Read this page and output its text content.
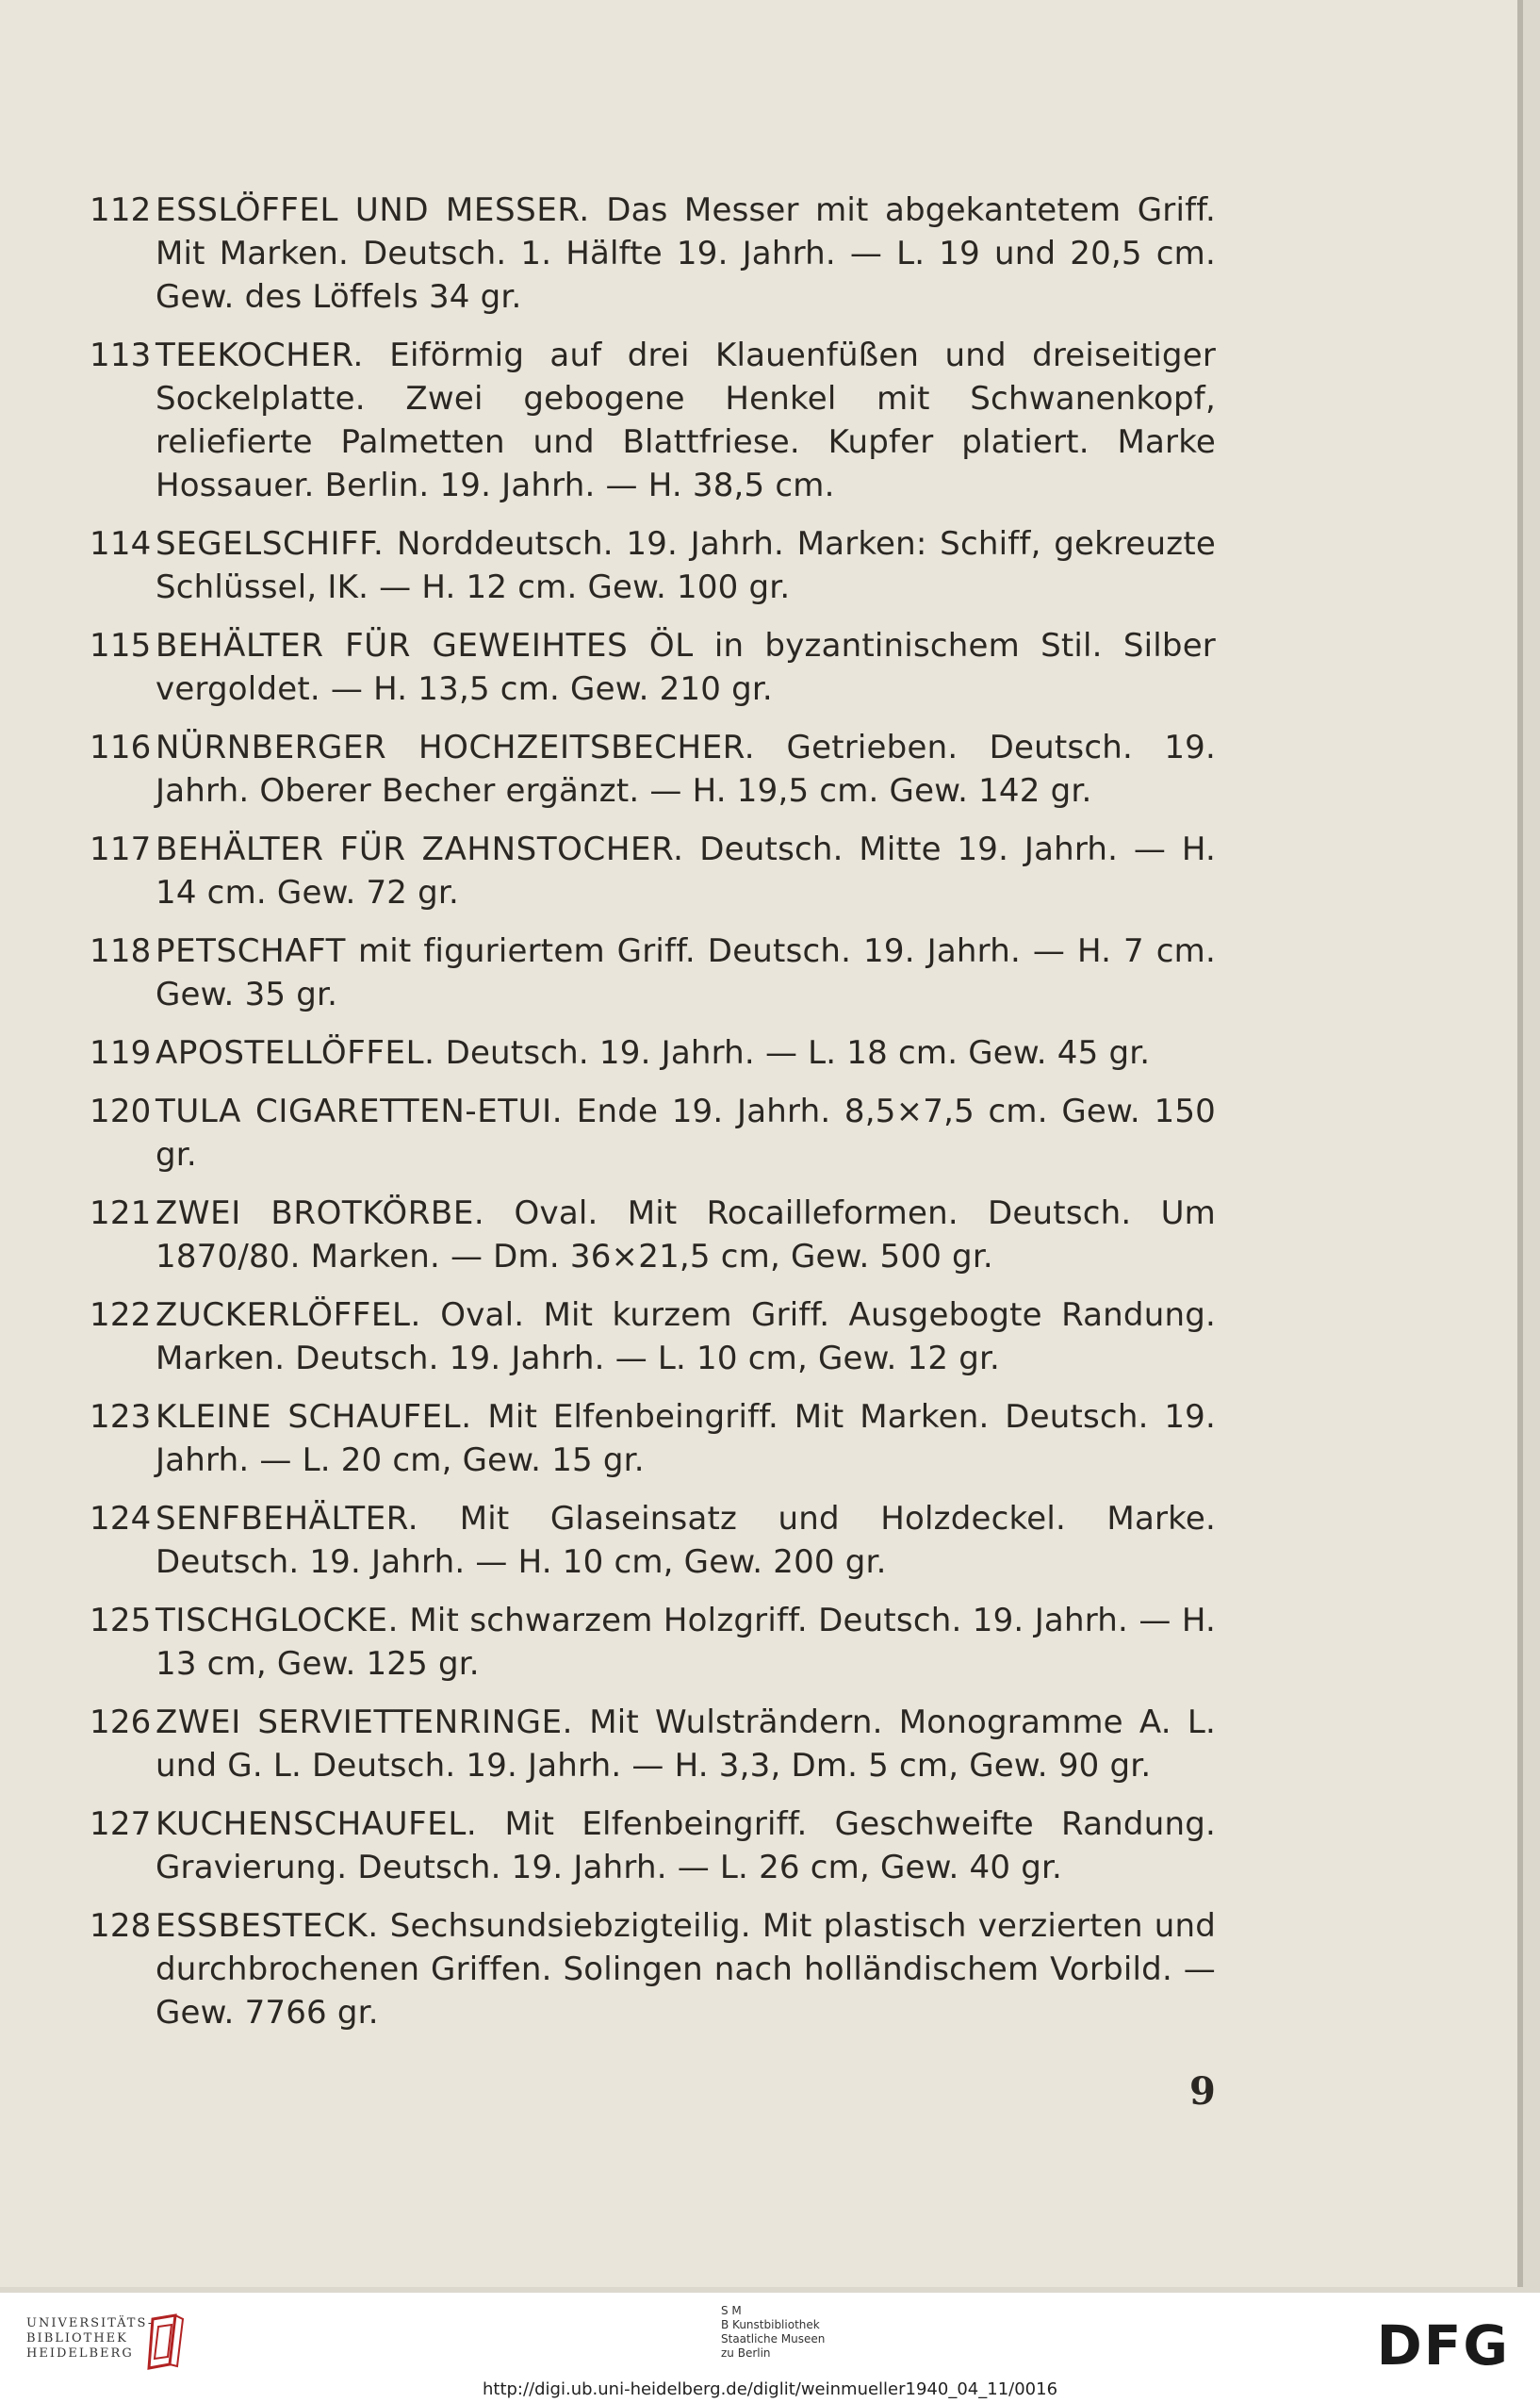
112 ESSLÖFFEL UND MESSER. Das Messer mit abgekantetem Griff. Mit Marken. Deutsch. 1. Hälfte 19. Jahrh. — L. 19 und 20,5 cm. Gew. des Löffels 34 gr.
113 TEEKOCHER. Eiförmig auf drei Klauenfüßen und dreiseitiger Sockelplatte. Zwei gebogene Henkel mit Schwanenkopf, reliefierte Palmetten und Blattfriese. Kupfer platiert. Marke Hossauer. Berlin. 19. Jahrh. — H. 38,5 cm.
114 SEGELSCHIFF. Norddeutsch. 19. Jahrh. Marken: Schiff, gekreuzte Schlüssel, IK. — H. 12 cm. Gew. 100 gr.
115 BEHÄLTER FÜR GEWEIHTES ÖL in byzantinischem Stil. Silber vergoldet. — H. 13,5 cm. Gew. 210 gr.
116 NÜRNBERGER HOCHZEITSBECHER. Getrieben. Deutsch. 19. Jahrh. Oberer Becher ergänzt. — H. 19,5 cm. Gew. 142 gr.
117 BEHÄLTER FÜR ZAHNSTOCHER. Deutsch. Mitte 19. Jahrh. — H. 14 cm. Gew. 72 gr.
118 PETSCHAFT mit figuriertem Griff. Deutsch. 19. Jahrh. — H. 7 cm. Gew. 35 gr.
119 APOSTELLÖFFEL. Deutsch. 19. Jahrh. — L. 18 cm. Gew. 45 gr.
120 TULA CIGARETTEN-ETUI. Ende 19. Jahrh. 8,5×7,5 cm. Gew. 150 gr.
121 ZWEI BROTKÖRBE. Oval. Mit Rocailleformen. Deutsch. Um 1870/80. Marken. — Dm. 36×21,5 cm, Gew. 500 gr.
122 ZUCKERLÖFFEL. Oval. Mit kurzem Griff. Ausgebogte Randung. Marken. Deutsch. 19. Jahrh. — L. 10 cm, Gew. 12 gr.
123 KLEINE SCHAUFEL. Mit Elfenbeingriff. Mit Marken. Deutsch. 19. Jahrh. — L. 20 cm, Gew. 15 gr.
124 SENFBEHÄLTER. Mit Glaseinsatz und Holzdeckel. Marke. Deutsch. 19. Jahrh. — H. 10 cm, Gew. 200 gr.
125 TISCHGLOCKE. Mit schwarzem Holzgriff. Deutsch. 19. Jahrh. — H. 13 cm, Gew. 125 gr.
126 ZWEI SERVIETTENRINGE. Mit Wulsträndern. Monogramme A. L. und G. L. Deutsch. 19. Jahrh. — H. 3,3, Dm. 5 cm, Gew. 90 gr.
127 KUCHENSCHAUFEL. Mit Elfenbeingriff. Geschweifte Randung. Gravierung. Deutsch. 19. Jahrh. — L. 26 cm, Gew. 40 gr.
128 ESSBESTECK. Sechsundsiebzigteilig. Mit plastisch verzierten und durchbrochenen Griffen. Solingen nach holländischem Vorbild. — Gew. 7766 gr.
9
UNIVERSITÄTS-
BIBLIOTHEK
HEIDELBERG
S M
B Kunstbibliothek
Staatliche Museen
zu Berlin	DFG
http://digi.ub.uni-heidelberg.de/diglit/weinmueller1940_04_11/0016
